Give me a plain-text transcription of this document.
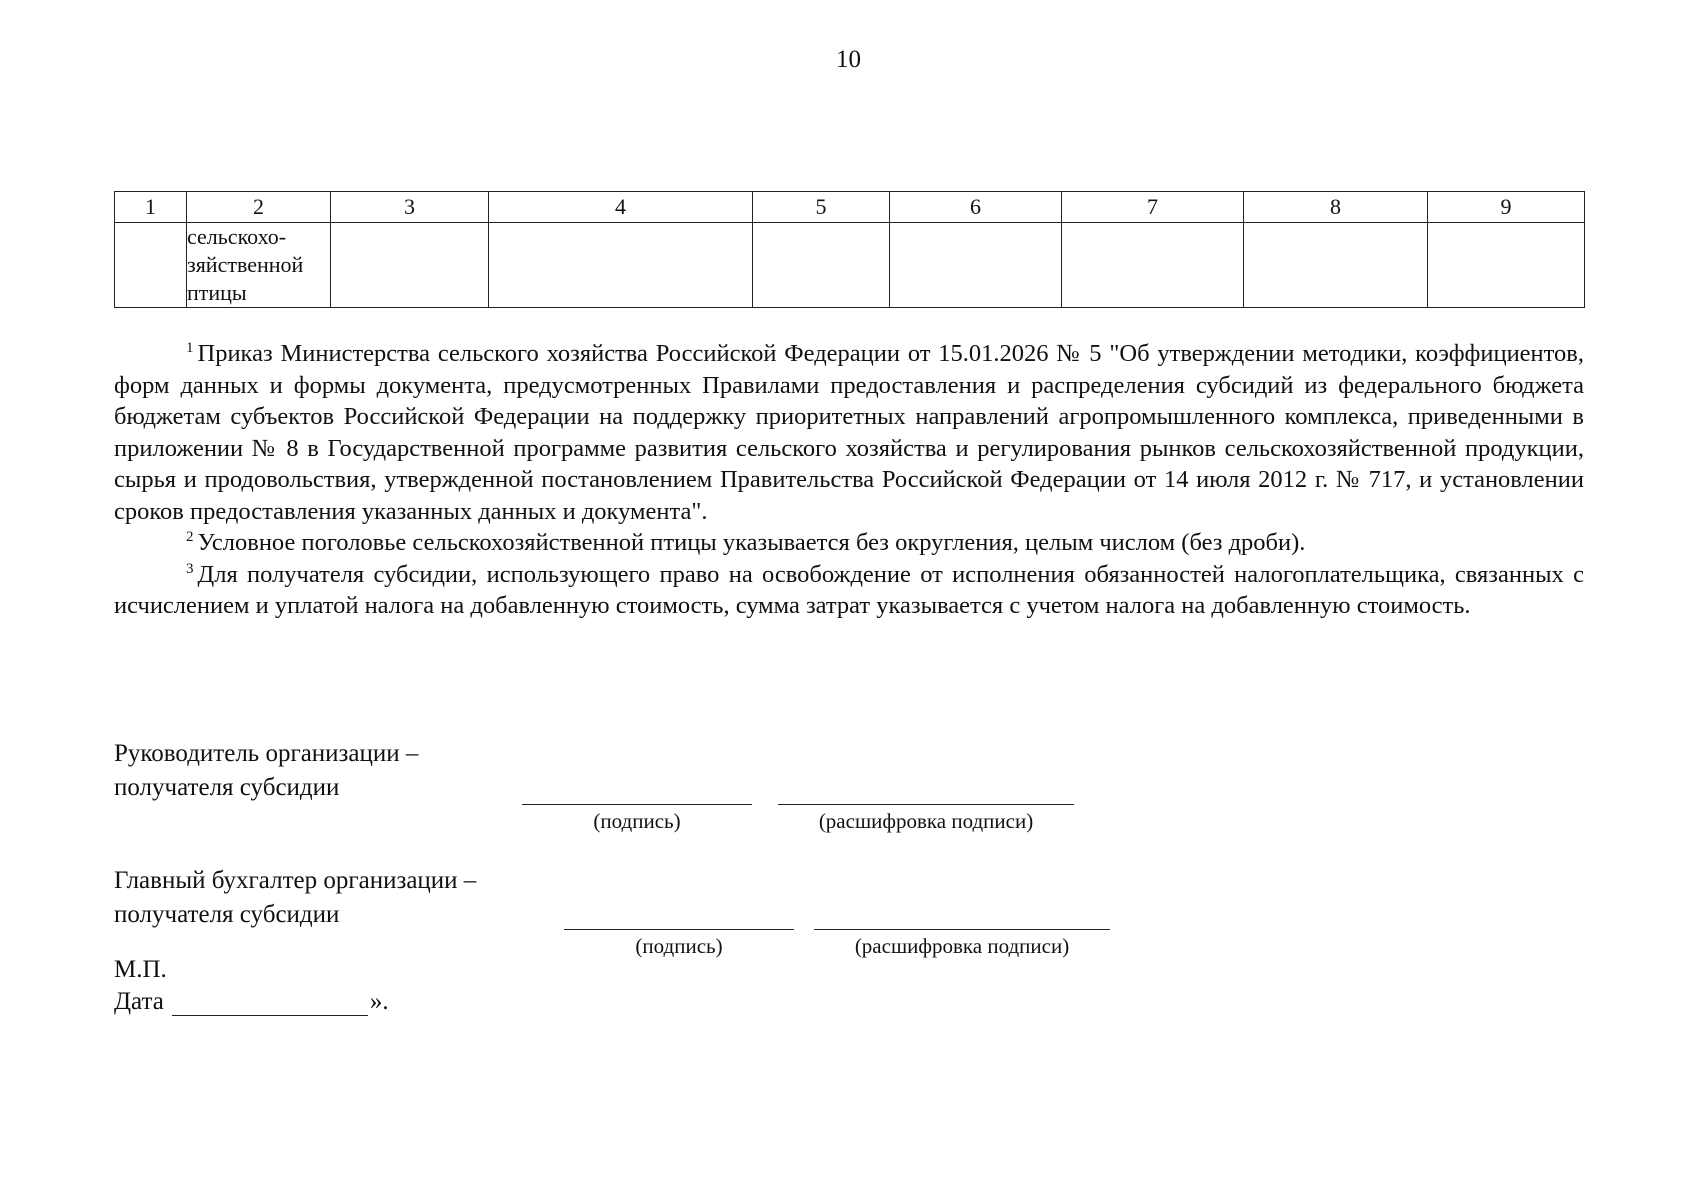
10
1	2	3	4	5	6	7	8	9

	сельскохо-
зяйственной
птицы							

$^1$ Приказ Министерства сельского хозяйства Российской Федерации от 15.01.2026 № 5 "Об утверждении методики, коэффициентов, форм данных и формы документа, предусмотренных Правилами предоставления и распределения субсидий из федерального бюджета бюджетам субъектов Российской Федерации на поддержку приоритетных направлений агропромышленного комплекса, приведенными в приложении № 8 в Государственной программе развития сельского хозяйства и регулирования рынков сельскохозяйственной продукции, сырья и продовольствия, утвержденной постановлением Правительства Российской Федерации от 14 июля 2012 г. № 717, и установлении сроков предоставления указанных данных и документа".

$^2$ Условное поголовье сельскохозяйственной птицы указывается без округления, целым числом (без дроби).

$^3$ Для получателя субсидии, использующего право на освобождение от исполнения обязанностей налогоплательщика, связанных с исчислением и уплатой налога на добавленную стоимость, сумма затрат указывается с учетом налога на добавленную стоимость.

Руководитель организации –
получателя субсидии
(подпись)	(расшифровка подписи)
Главный бухгалтер организации –
получателя субсидии
(подпись)	(расшифровка подписи)
М.П.
Дата	».
